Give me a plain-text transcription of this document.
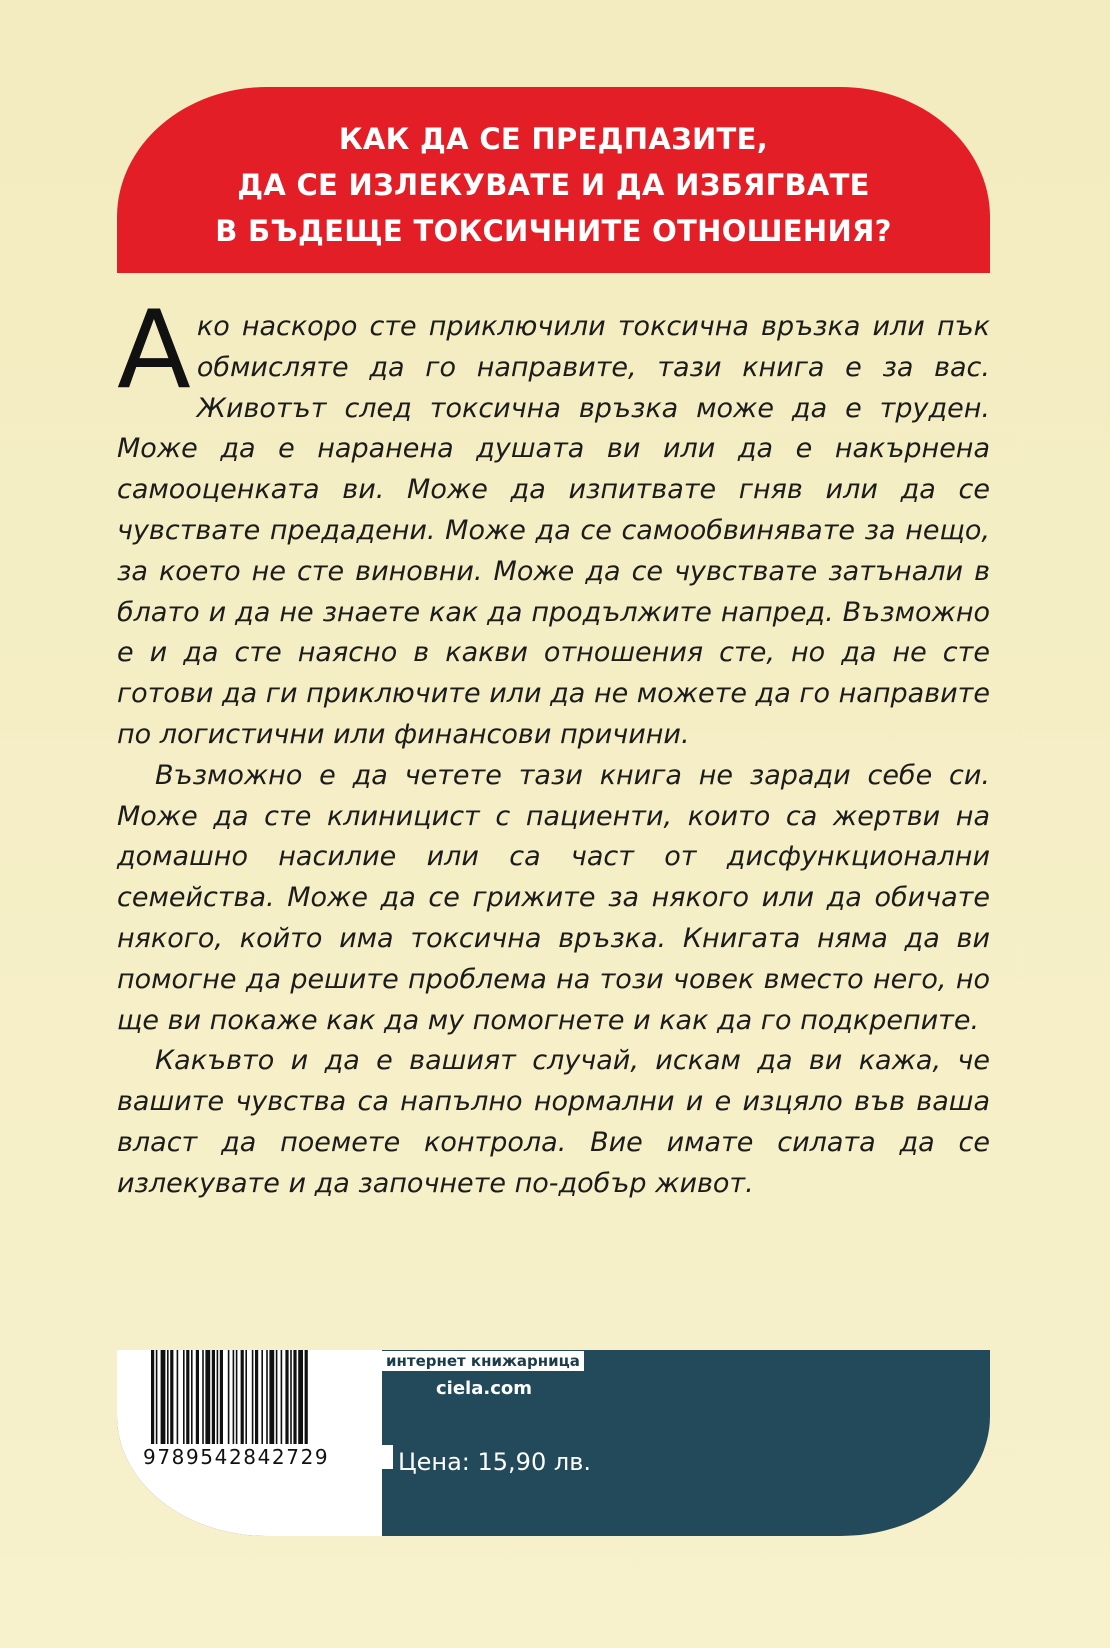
КАК ДА СЕ ПРЕДПАЗИТЕ,
ДА СЕ ИЗЛЕКУВАТЕ И ДА ИЗБЯГВАТЕ
В БЪДЕЩЕ ТОКСИЧНИТЕ ОТНОШЕНИЯ?

Ако наскоро сте приключили токсична връзка или пък обмисляте да го направите, тази книга е за вас. Животът след токсична връзка може да е труден. Може да е наранена душата ви или да е накърнена самооценката ви. Може да изпитвате гняв или да се чувствате предадени. Може да се самообвинявате за нещо, за което не сте виновни. Може да се чувствате затънали в блато и да не знаете как да продължите напред. Възможно е и да сте наясно в какви отношения сте, но да не сте готови да ги приключите или да не можете да го направите по логистични или финансови причини.

Възможно е да четете тази книга не заради себе си. Може да сте клиницист с пациенти, които са жертви на домашно насилие или са част от дисфункционални семейства. Може да се грижите за някого или да обичате някого, който има токсична връзка. Книгата няма да ви помогне да решите проблема на този човек вместо него, но ще ви покаже как да му помогнете и как да го подкрепите.

Какъвто и да е вашият случай, искам да ви кажа, че вашите чувства са напълно нормални и е изцяло във ваша власт да поемете контрола. Вие имате силата да се излекувате и да започнете по-добър живот.

9789542842729
интернет книжарница
ciela.com
Цена: 15,90 лв.
